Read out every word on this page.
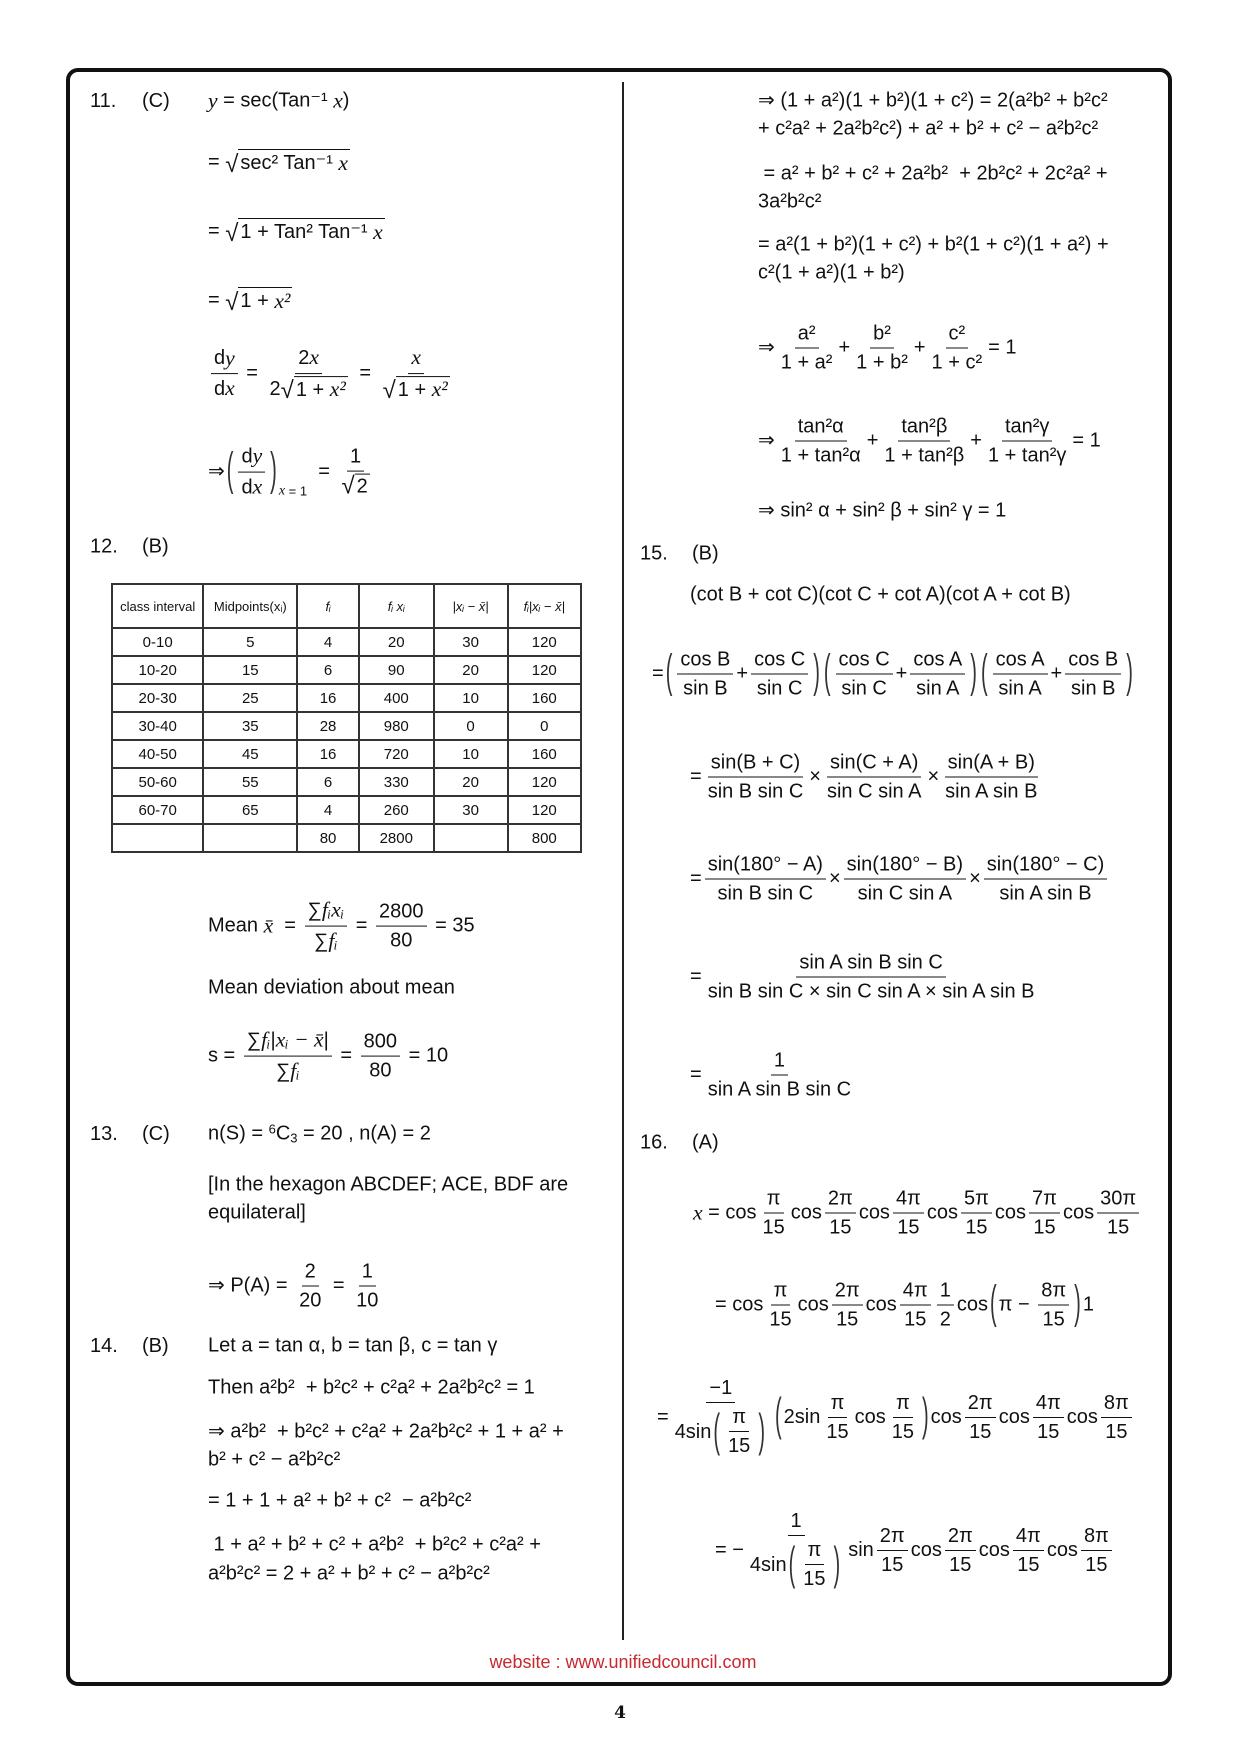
11. (C) y = sec(Tan⁻¹ x )
= √ sec² Tan⁻¹ x
= √ 1 + Tan² Tan⁻¹ x
= √ 1 + x²
$\frac{\text{d y}}{\text{d x}} = \frac{2 x}{\text{2 √ 1 + x²}} = \frac{x}{\text{√ 1 + x²}}$
⇒ ( $\frac{\text{d y}}{\text{d x}}$ ) x = 1
= $\frac{1}{√ 2}$
12. (B)
Mean x̄ = $\frac{\text{∑ fᵢxᵢ}}{\text{∑ fᵢ}} = \frac{2800}{80} = 35$
Mean deviation about mean
$s = \frac{\text{∑ fᵢ | xᵢ − x̄ |}}{\text{∑ fᵢ}} = \frac{800}{80} = 10$
13. (C) n(S) = 6 C 3 = 20 , n(A) = 2
[In the hexagon ABCDEF; ACE, BDF are
equilateral]
⇒ $P(A) = \frac{2}{20} = \frac{1}{10}$
14. (B) Let a = tan α, b = tan β, c = tan γ
Then a²b²  + b²c² + c²a² + 2a²b²c² = 1
⇒ a²b²  + b²c² + c²a² + 2a²b²c² + 1 + a² +
b² + c² − a²b²c²
= 1 + 1 + a² + b² + c²  − a²b²c²
1 + a² + b² + c² + a²b²  + b²c² + c²a² +
a²b²c² = 2 + a² + b² + c² − a²b²c²
⇒ (1 + a²)(1 + b²)(1 + c²) = 2(a²b² + b²c²
+ c²a² + 2a²b²c²) + a² + b² + c² − a²b²c²
= a² + b² + c² + 2a²b²  + 2b²c² + 2c²a² +
3a²b²c²
= a²(1 + b²)(1 + c²) + b²(1 + c²)(1 + a²) +
c²(1 + a²)(1 + b²)
⇒ $\frac{\text{a²}}{\text{1 + a²}} + \frac{\text{b²}}{\text{1 + b²}} + \frac{\text{c²}}{\text{1 + c²}} = 1$
⇒ $\frac{\text{tan²α}}{\text{1 + tan²α}} + \frac{\text{tan²β}}{\text{1 + tan²β}} + \frac{\text{tan²γ}}{\text{1 + tan²γ}} = 1$
⇒ sin² α + sin² β + sin² γ = 1
15. (B)
(cot B + cot C)(cot C + cot A)(cot A + cot B)
= ( $\frac{\text{cos B}}{\text{sin B}} + \frac{\text{cos C}}{\text{sin C}}$ ) ( $\frac{\text{cos C}}{\text{sin C}} + \frac{\text{cos A}}{\text{sin A}}$ ) ( $\frac{\text{cos A}}{\text{sin A}} + \frac{\text{cos B}}{\text{sin B}}$ )
= $\frac{\sin(B + C)}{\text{sin B sin C}} \times \frac{\sin(C + A)}{\text{sin C sin A}} \times \frac{\sin(A + B)}{\text{sin A sin B}}$
= $\frac{\sin(180^\circ - A)}{\text{sin B sin C}} \times \frac{\sin(180^\circ - B)}{\text{sin C sin A}} \times \frac{\sin(180^\circ - C)}{\text{sin A sin B}}$
= $\frac{\text{sin A sin B sin C}}{\text{sin B sin C × sin C sin A × sin A sin B}}$
= $\frac{1}{\text{sin A sin B sin C}}$
16. (A)
$x = \cos \frac{\pi}{15}$ $\cos \frac{2\pi}{15}$ $\cos \frac{4\pi}{15}$ $\cos \frac{5\pi}{15}$ $\cos \frac{7\pi}{15}$ $\cos \frac{30\pi}{15}$
= $\cos \frac{\pi}{15}$ $\cos \frac{2\pi}{15}$ $\cos \frac{4\pi}{15} \frac{1}{2}$ cos ( $\pi - \frac{8\pi}{15}$ ) 1
= $\frac{-1}{4\sin ( \frac{\pi}{15} )}$ ( $2\sin \frac{\pi}{15}$ $\cos \frac{\pi}{15}$ ) $\cos \frac{2\pi}{15}$ $\cos \frac{4\pi}{15}$ $\cos \frac{8\pi}{15}$
= − $\frac{1}{4\sin ( \frac{\pi}{15} )}$ $\sin \frac{2\pi}{15}$ $\cos \frac{2\pi}{15}$ $\cos \frac{4\pi}{15}$ $\cos \frac{8\pi}{15}$
class interval	Midpoints(xᵢ)	fᵢ	fᵢ xᵢ	|xᵢ − x̄|	fᵢ|xᵢ − x̄|
0-10	5	4	20	30	120
10-20	15	6	90	20	120
20-30	25	16	400	10	160
30-40	35	28	980	0	0
40-50	45	16	720	10	160
50-60	55	6	330	20	120
60-70	65	4	260	30	120
		80	2800		800
website : www.unifiedcouncil.com
4
